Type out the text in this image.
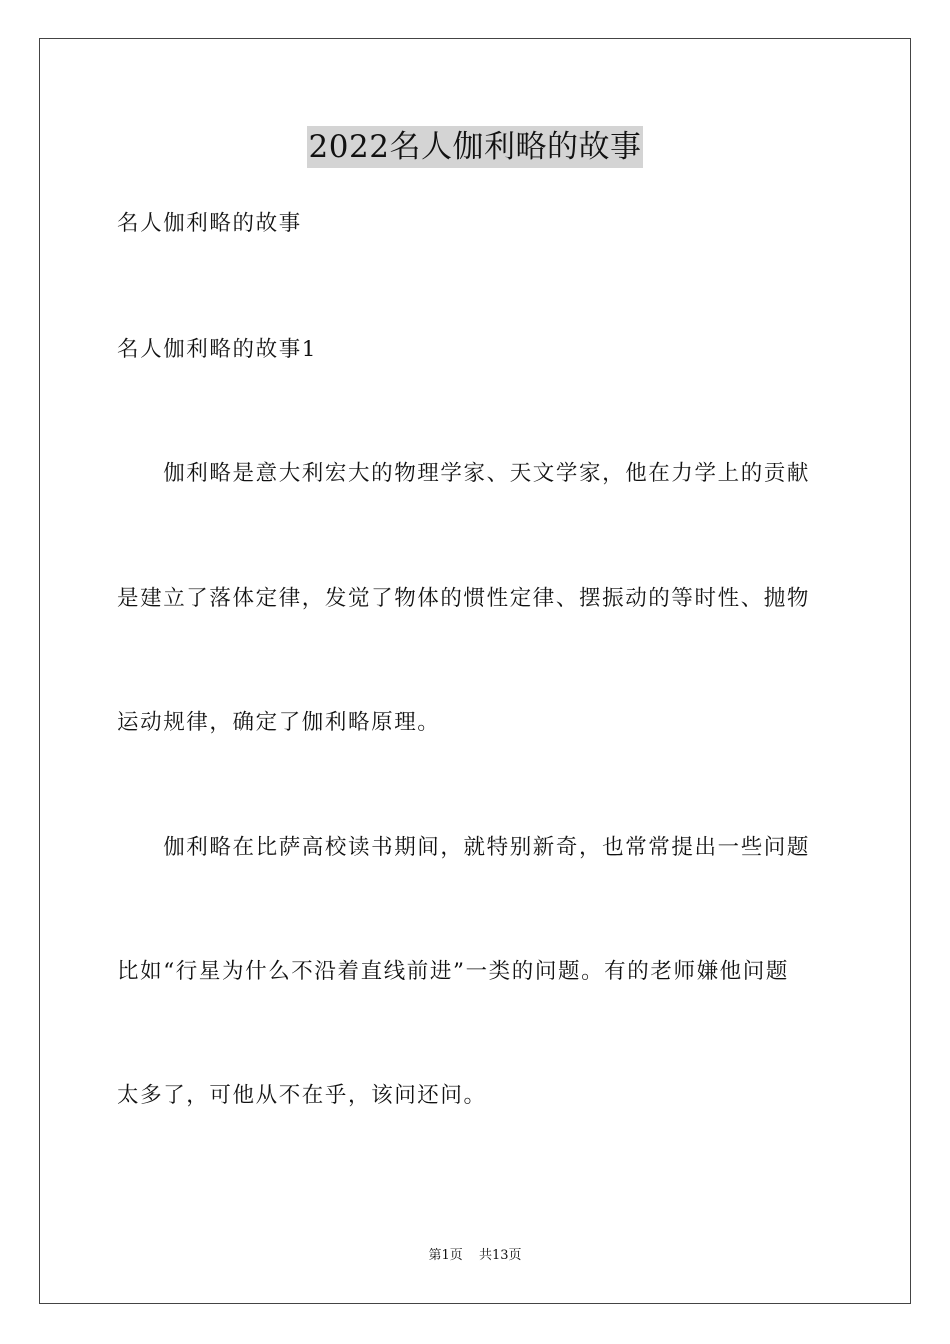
2022名人伽利略的故事
名人伽利略的故事
名人伽利略的故事1
　　伽利略是意大利宏大的物理学家、天文学家，他在力学上的贡献
是建立了落体定律，发觉了物体的惯性定律、摆振动的等时性、抛物
运动规律，确定了伽利略原理。
　　伽利略在比萨高校读书期间，就特别新奇，也常常提出一些问题
比如“行星为什么不沿着直线前进”一类的问题。有的老师嫌他问题
太多了，可他从不在乎，该问还问。
第1页 共13页
